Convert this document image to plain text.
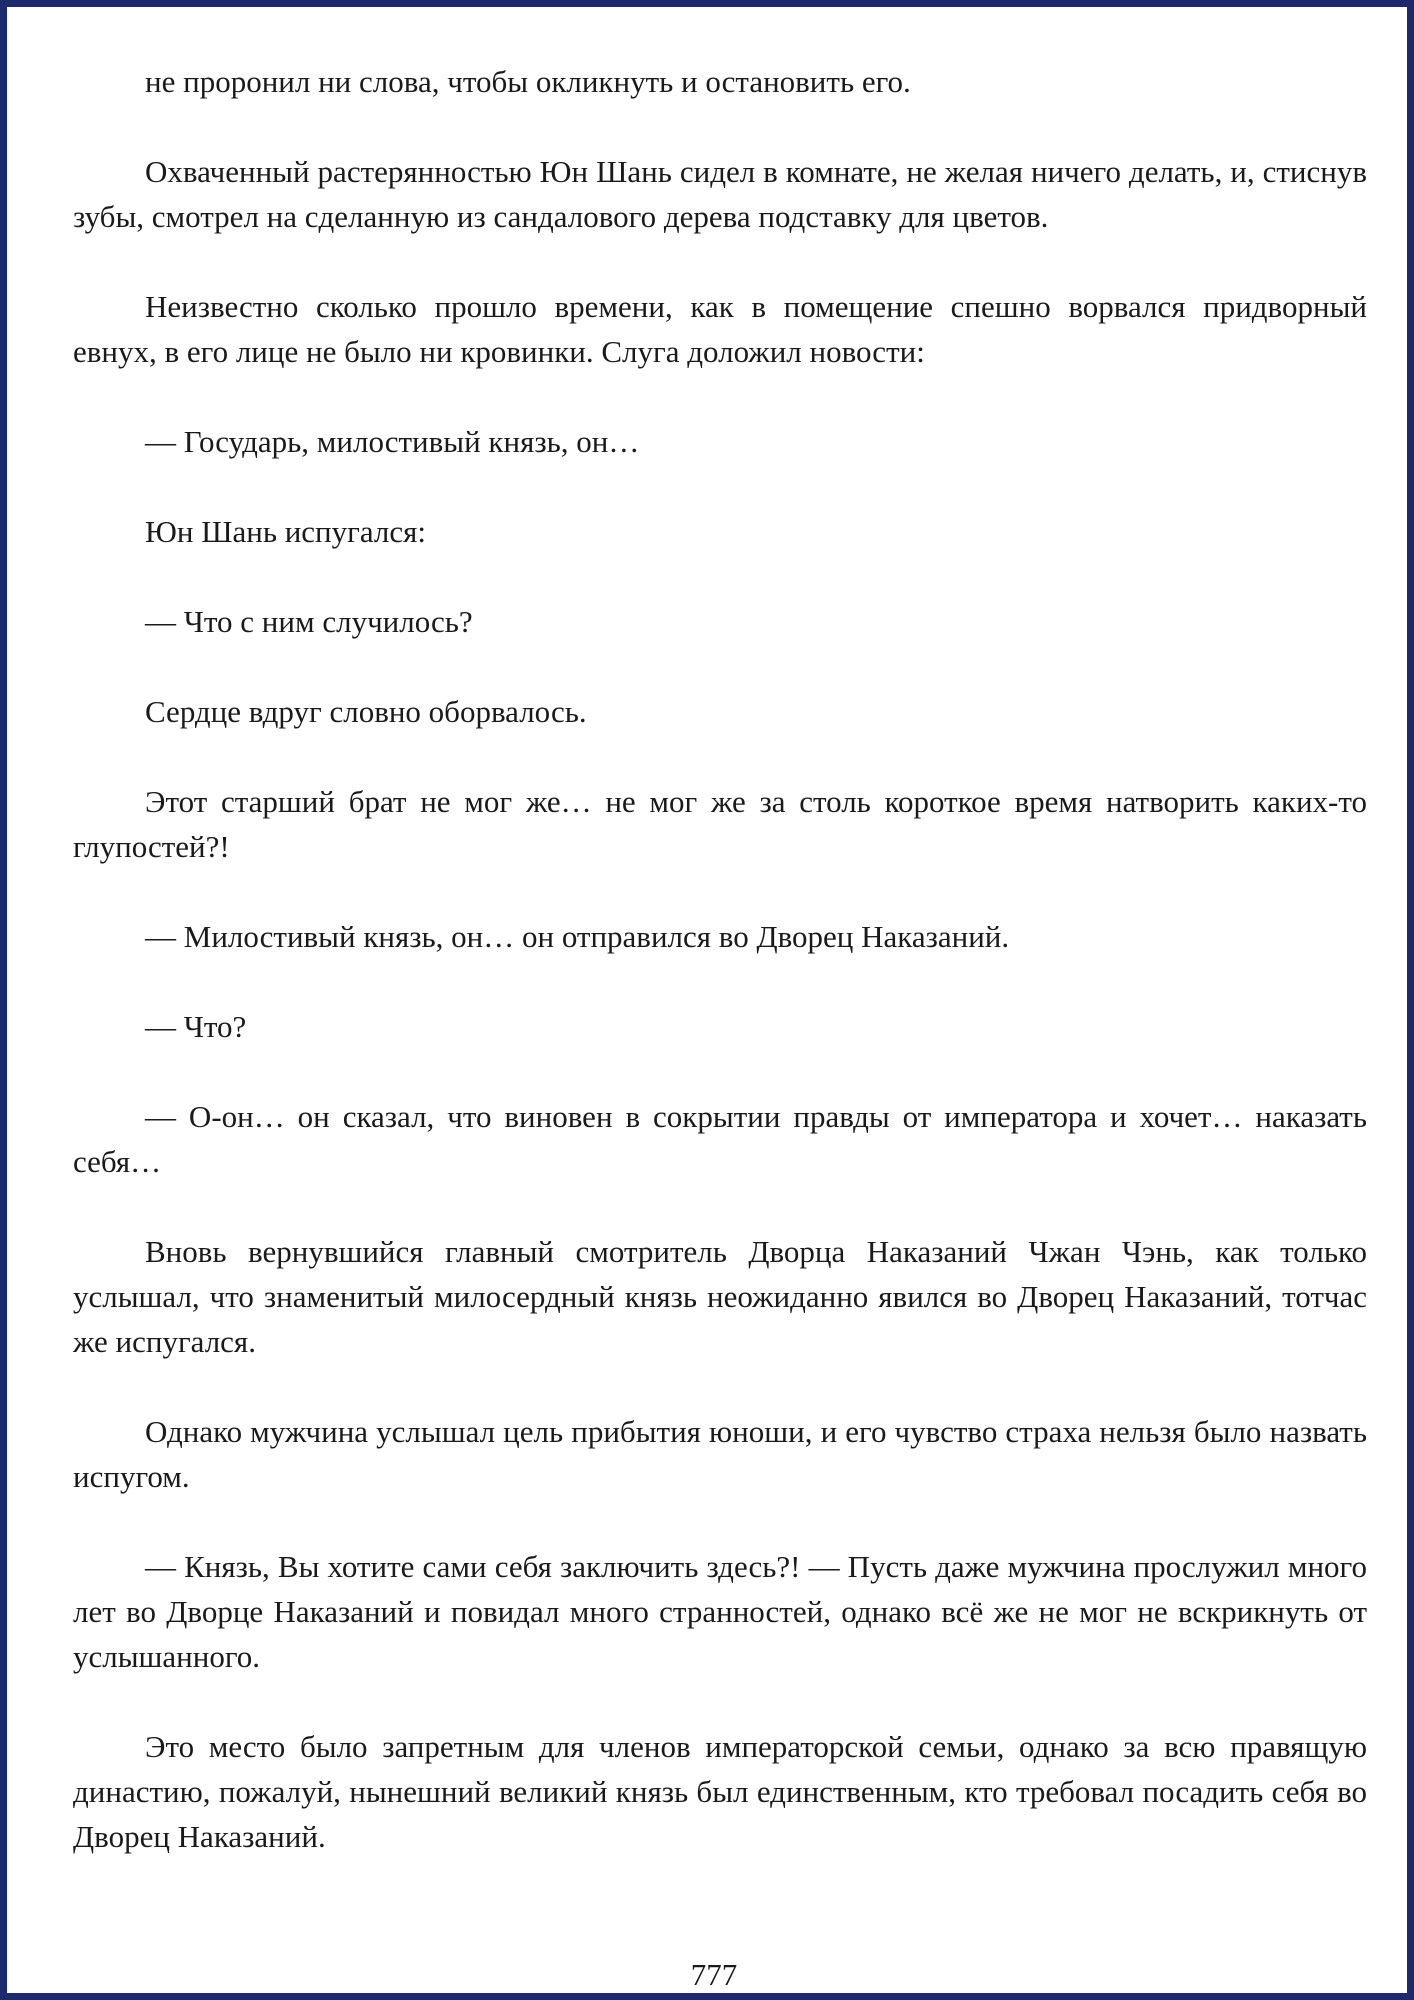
не проронил ни слова, чтобы окликнуть и остановить его.

Охваченный растерянностью Юн Шань сидел в комнате, не желая ничего делать, и, стиснув зубы, смотрел на сделанную из сандалового дерева подставку для цветов.

Неизвестно сколько прошло времени, как в помещение спешно ворвался придворный евнух, в его лице не было ни кровинки. Слуга доложил новости:

— Государь, милостивый князь, он…

Юн Шань испугался:

— Что с ним случилось?

Сердце вдруг словно оборвалось.

Этот старший брат не мог же… не мог же за столь короткое время натворить каких-то глупостей?!

— Милостивый князь, он… он отправился во Дворец Наказаний.

— Что?

— О-он… он сказал, что виновен в сокрытии правды от императора и хочет… наказать себя…

Вновь вернувшийся главный смотритель Дворца Наказаний Чжан Чэнь, как только услышал, что знаменитый милосердный князь неожиданно явился во Дворец Наказаний, тотчас же испугался.

Однако мужчина услышал цель прибытия юноши, и его чувство страха нельзя было назвать испугом.

— Князь, Вы хотите сами себя заключить здесь?! — Пусть даже мужчина прослужил много лет во Дворце Наказаний и повидал много странностей, однако всё же не мог не вскрикнуть от услышанного.

Это место было запретным для членов императорской семьи, однако за всю правящую династию, пожалуй, нынешний великий князь был единственным, кто требовал посадить себя во Дворец Наказаний.

777
